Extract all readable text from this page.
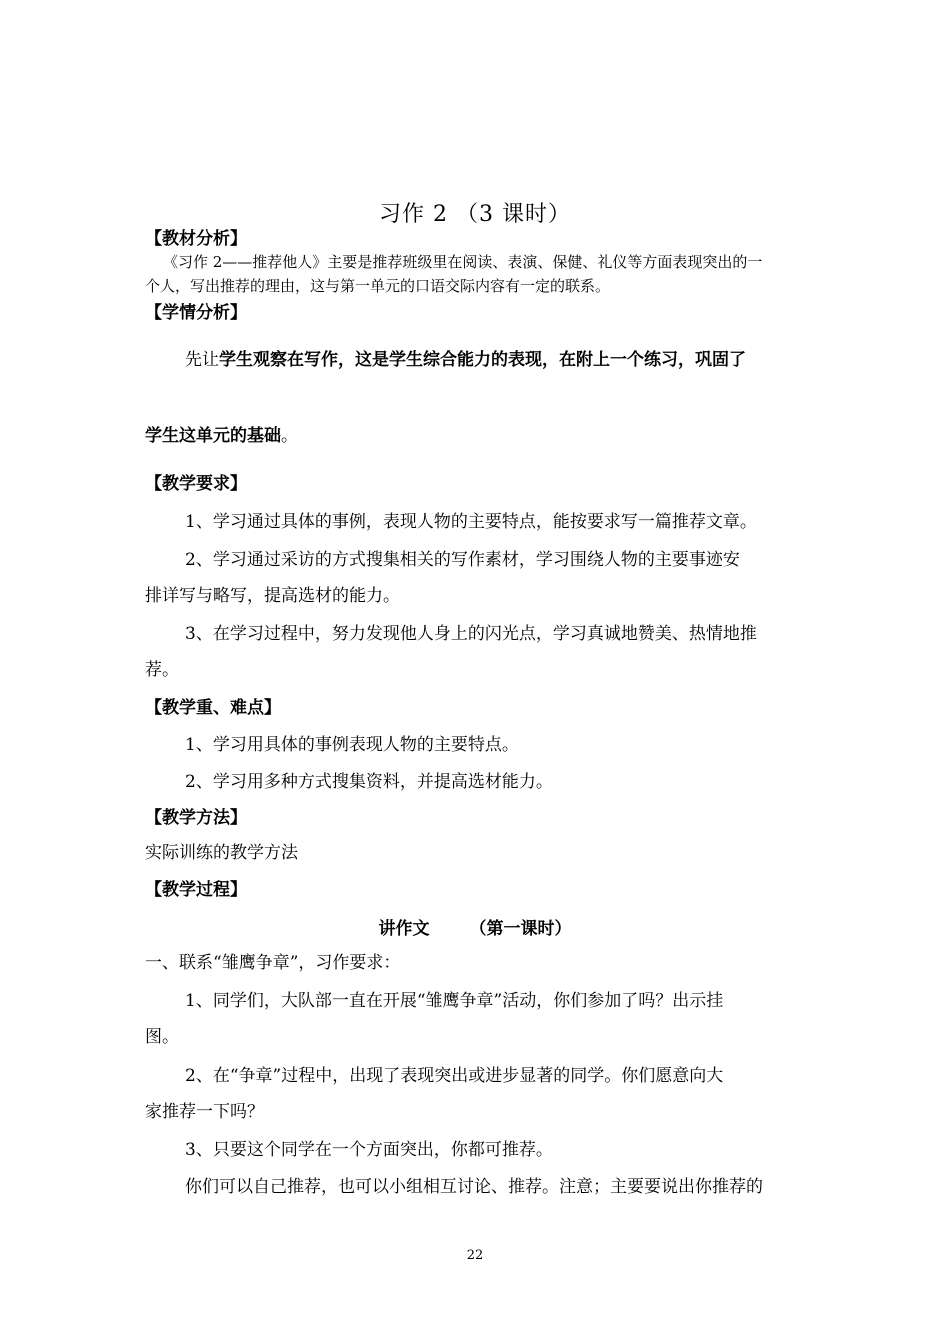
习作 2 （3 课时）
【教材分析】
《习作 2——推荐他人》主要是推荐班级里在阅读、表演、保健、礼仪等方面表现突出的一
个人，写出推荐的理由，这与第一单元的口语交际内容有一定的联系。
【学情分析】
先让学生观察在写作，这是学生综合能力的表现，在附上一个练习，巩固了
学生这单元的基础。
【教学要求】
1、学习通过具体的事例，表现人物的主要特点，能按要求写一篇推荐文章。
2、学习通过采访的方式搜集相关的写作素材，学习围绕人物的主要事迹安
排详写与略写，提高选材的能力。
3、在学习过程中，努力发现他人身上的闪光点，学习真诚地赞美、热情地推
荐。
【教学重、难点】
1、学习用具体的事例表现人物的主要特点。
2、学习用多种方式搜集资料，并提高选材能力。
【教学方法】
实际训练的教学方法
【教学过程】
讲作文 （第一课时）
一、联系“雏鹰争章”，习作要求：
1、同学们，大队部一直在开展“雏鹰争章”活动，你们参加了吗？出示挂
图。
2、在“争章”过程中，出现了表现突出或进步显著的同学。你们愿意向大
家推荐一下吗？
3、只要这个同学在一个方面突出，你都可推荐。
你们可以自己推荐，也可以小组相互讨论、推荐。注意；主要要说出你推荐的
22
